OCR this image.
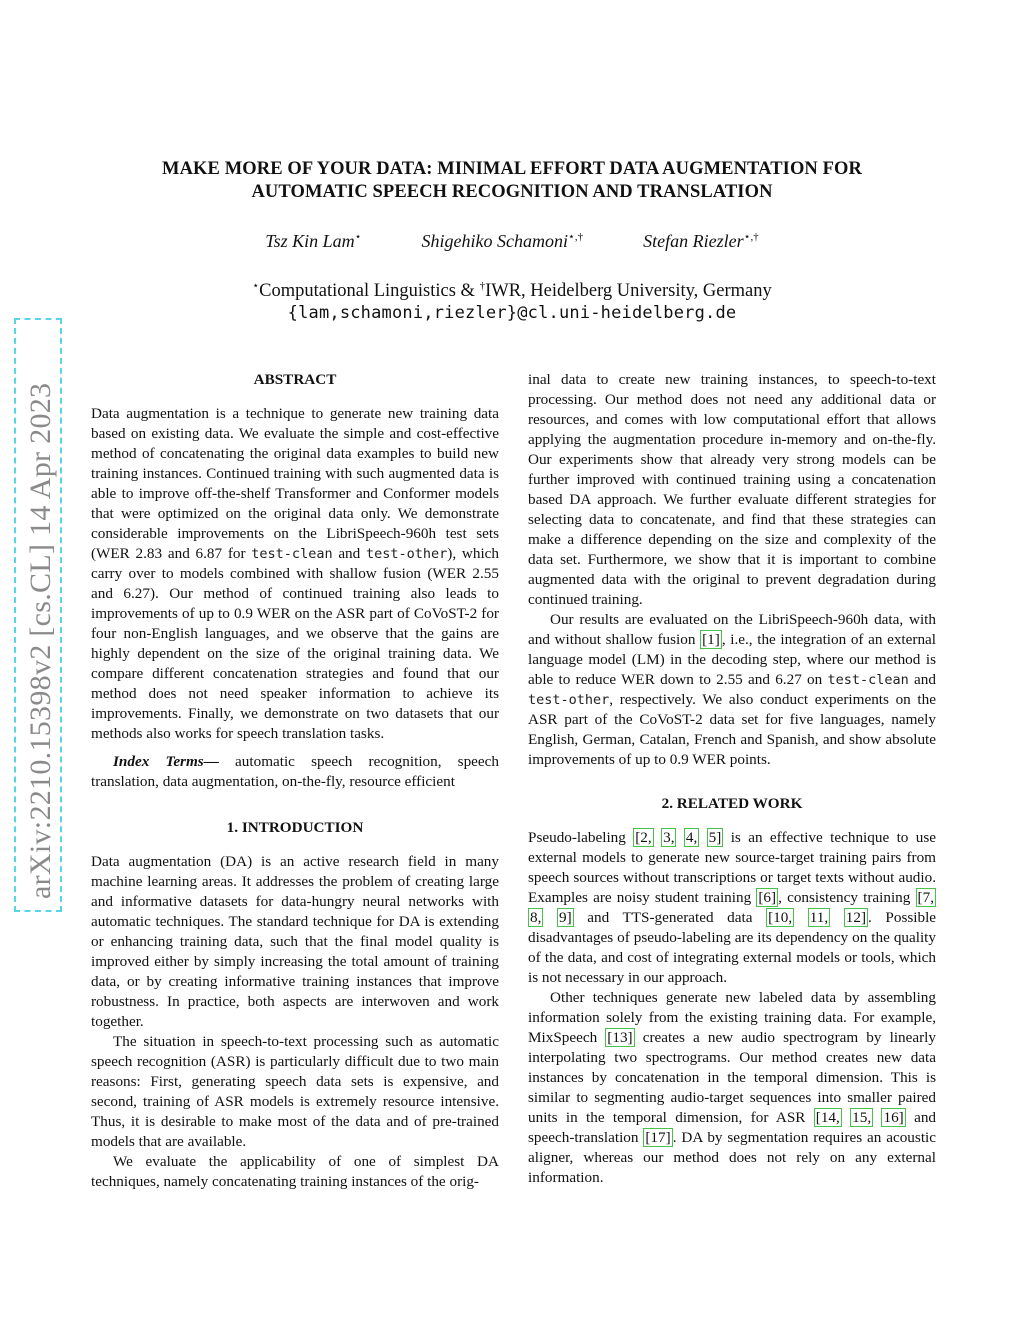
arXiv:2210.15398v2 [cs.CL] 14 Apr 2023
MAKE MORE OF YOUR DATA: MINIMAL EFFORT DATA AUGMENTATION FOR
AUTOMATIC SPEECH RECOGNITION AND TRANSLATION
Tsz Kin Lam⋆	Shigehiko Schamoni⋆,†	Stefan Riezler⋆,†
⋆Computational Linguistics & †IWR, Heidelberg University, Germany
{lam,schamoni,riezler}@cl.uni-heidelberg.de
ABSTRACT

Data augmentation is a technique to generate new training data based on existing data. We evaluate the simple and cost-effective method of concatenating the original data examples to build new training instances. Continued training with such augmented data is able to improve off-the-shelf Transformer and Conformer models that were optimized on the original data only. We demonstrate considerable improvements on the LibriSpeech-960h test sets (WER 2.83 and 6.87 for test-clean and test-other), which carry over to models combined with shallow fusion (WER 2.55 and 6.27). Our method of continued training also leads to improvements of up to 0.9 WER on the ASR part of CoVoST-2 for four non-English languages, and we observe that the gains are highly dependent on the size of the original training data. We compare different concatenation strategies and found that our method does not need speaker information to achieve its improvements. Finally, we demonstrate on two datasets that our methods also works for speech translation tasks.

Index Terms— automatic speech recognition, speech translation, data augmentation, on-the-fly, resource efficient

1. INTRODUCTION

Data augmentation (DA) is an active research field in many machine learning areas. It addresses the problem of creating large and informative datasets for data-hungry neural networks with automatic techniques. The standard technique for DA is extending or enhancing training data, such that the final model quality is improved either by simply increasing the total amount of training data, or by creating informative training instances that improve robustness. In practice, both aspects are interwoven and work together.

The situation in speech-to-text processing such as automatic speech recognition (ASR) is particularly difficult due to two main reasons: First, generating speech data sets is expensive, and second, training of ASR models is extremely resource intensive. Thus, it is desirable to make most of the data and of pre-trained models that are available.

We evaluate the applicability of one of simplest DA techniques, namely concatenating training instances of the orig-

inal data to create new training instances, to speech-to-text processing. Our method does not need any additional data or resources, and comes with low computational effort that allows applying the augmentation procedure in-memory and on-the-fly. Our experiments show that already very strong models can be further improved with continued training using a concatenation based DA approach. We further evaluate different strategies for selecting data to concatenate, and find that these strategies can make a difference depending on the size and complexity of the data set. Furthermore, we show that it is important to combine augmented data with the original to prevent degradation during continued training.

Our results are evaluated on the LibriSpeech-960h data, with and without shallow fusion [1] , i.e., the integration of an external language model (LM) in the decoding step, where our method is able to reduce WER down to 2.55 and 6.27 on test-clean and test-other, respectively. We also conduct experiments on the ASR part of the CoVoST-2 data set for five languages, namely English, German, Catalan, French and Spanish, and show absolute improvements of up to 0.9 WER points.

2. RELATED WORK

Pseudo-labeling [2, 3, 4, 5] is an effective technique to use external models to generate new source-target training pairs from speech sources without transcriptions or target texts without audio. Examples are noisy student training [6] , consistency training [7, 8, 9] and TTS-generated data [10, 11, 12] . Possible disadvantages of pseudo-labeling are its dependency on the quality of the data, and cost of integrating external models or tools, which is not necessary in our approach.

Other techniques generate new labeled data by assembling information solely from the existing training data. For example, MixSpeech [13] creates a new audio spectrogram by linearly interpolating two spectrograms. Our method creates new data instances by concatenation in the temporal dimension. This is similar to segmenting audio-target sequences into smaller paired units in the temporal dimension, for ASR [14, 15, 16] and speech-translation [17] . DA by segmentation requires an acoustic aligner, whereas our method does not rely on any external information.
